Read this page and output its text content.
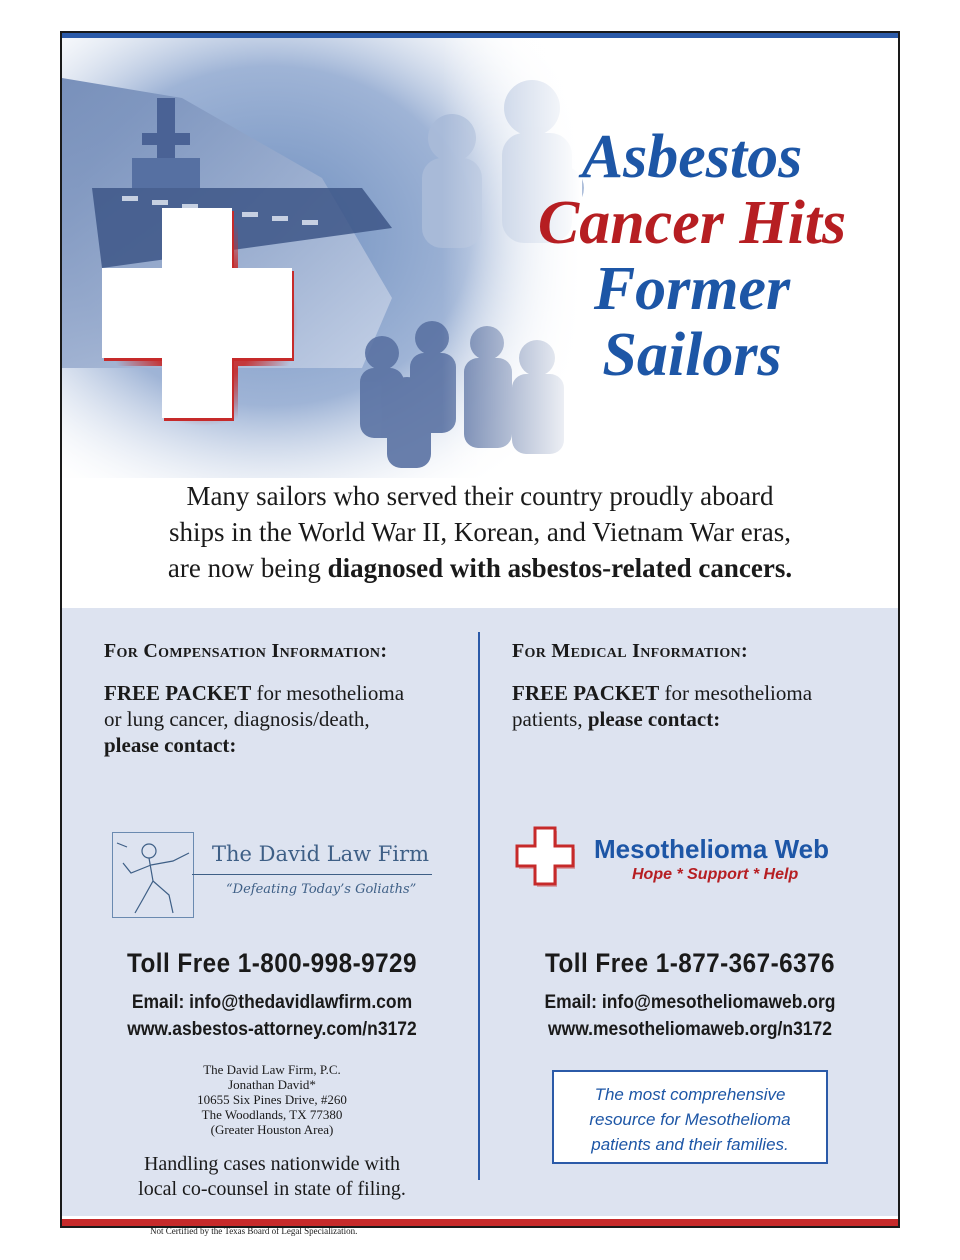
Asbestos
Cancer Hits
Former
Sailors
Many sailors who served their country proudly aboard
ships in the World War II, Korean, and Vietnam War eras,
are now being diagnosed with asbestos-related cancers.
For Compensation Information:
FREE PACKET for mesothelioma
or lung cancer, diagnosis/death,
please contact:
The David Law Firm
“Defeating Today’s Goliaths”
Toll Free 1-800-998-9729
Email: info@thedavidlawfirm.com
www.asbestos-attorney.com/n3172
The David Law Firm, P.C.
Jonathan David*
10655 Six Pines Drive, #260
The Woodlands, TX 77380
(Greater Houston Area)
Handling cases nationwide with
local co-counsel in state of filing.
Not Certified by the Texas Board of Legal Specialization.
For Medical Information:
FREE PACKET for mesothelioma
patients, please contact:
Mesothelioma Web
Hope * Support * Help
Toll Free 1-877-367-6376
Email: info@mesotheliomaweb.org
www.mesotheliomaweb.org/n3172
The most comprehensive
resource for Mesothelioma
patients and their families.
